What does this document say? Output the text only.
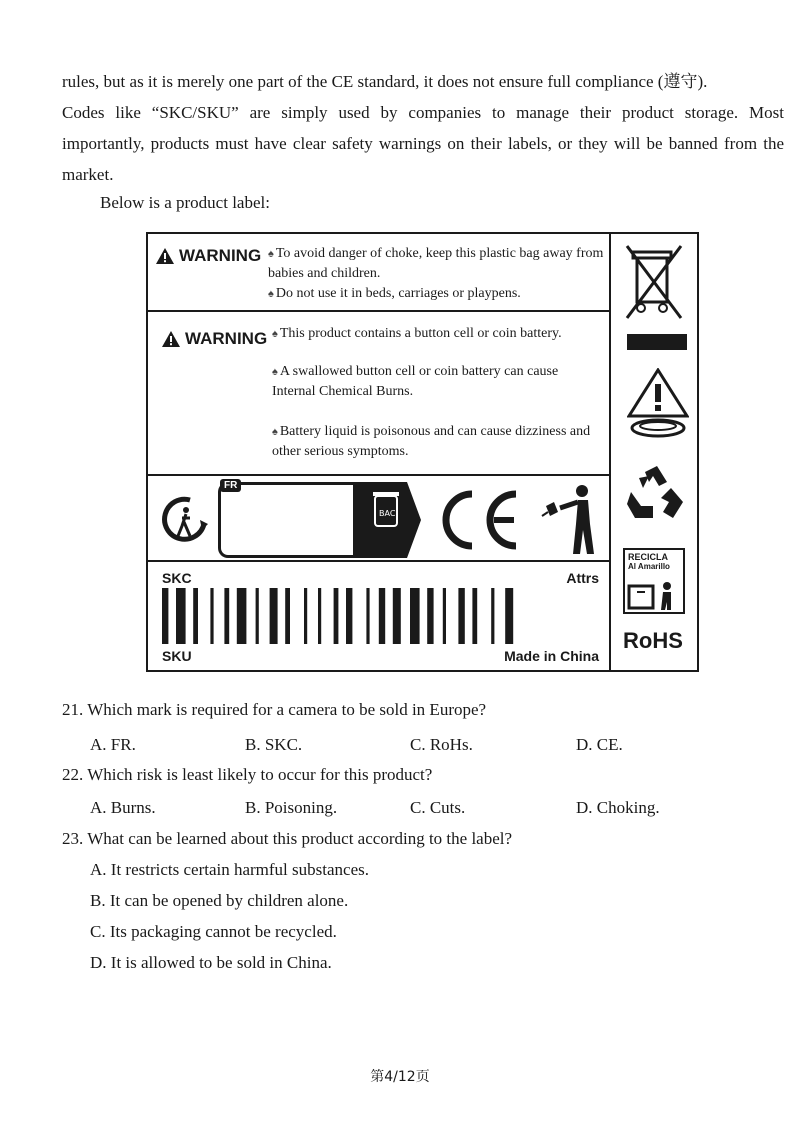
rules, but as it is merely one part of the CE standard, it does not ensure full compliance (遵守).

Codes like “SKC/SKU” are simply used by companies to manage their product storage. Most importantly, products must have clear safety warnings on their labels, or they will be banned from the market.

Below is a product label:
WARNING ♠ To avoid danger of choke, keep this plastic bag away from babies and children.
♠ Do not use it in beds, carriages or playpens.
WARNING ♠ This product contains a button cell or coin battery.
♠ A swallowed button cell or coin battery can cause Internal Chemical Burns.
♠ Battery liquid is poisonous and can cause dizziness and other serious symptoms.
FR
BAC
SKC	Attrs
SKU	Made in China
RECICLA
Al Amarillo
RoHS
21. Which mark is required for a camera to be sold in Europe?
A. FR.	B. SKC.	C. RoHs.	D. CE.
22. Which risk is least likely to occur for this product?
A. Burns.	B. Poisoning.	C. Cuts.	D. Choking.
23. What can be learned about this product according to the label?
A. It restricts certain harmful substances.
B. It can be opened by children alone.
C. Its packaging cannot be recycled.
D. It is allowed to be sold in China.
第4/12页
